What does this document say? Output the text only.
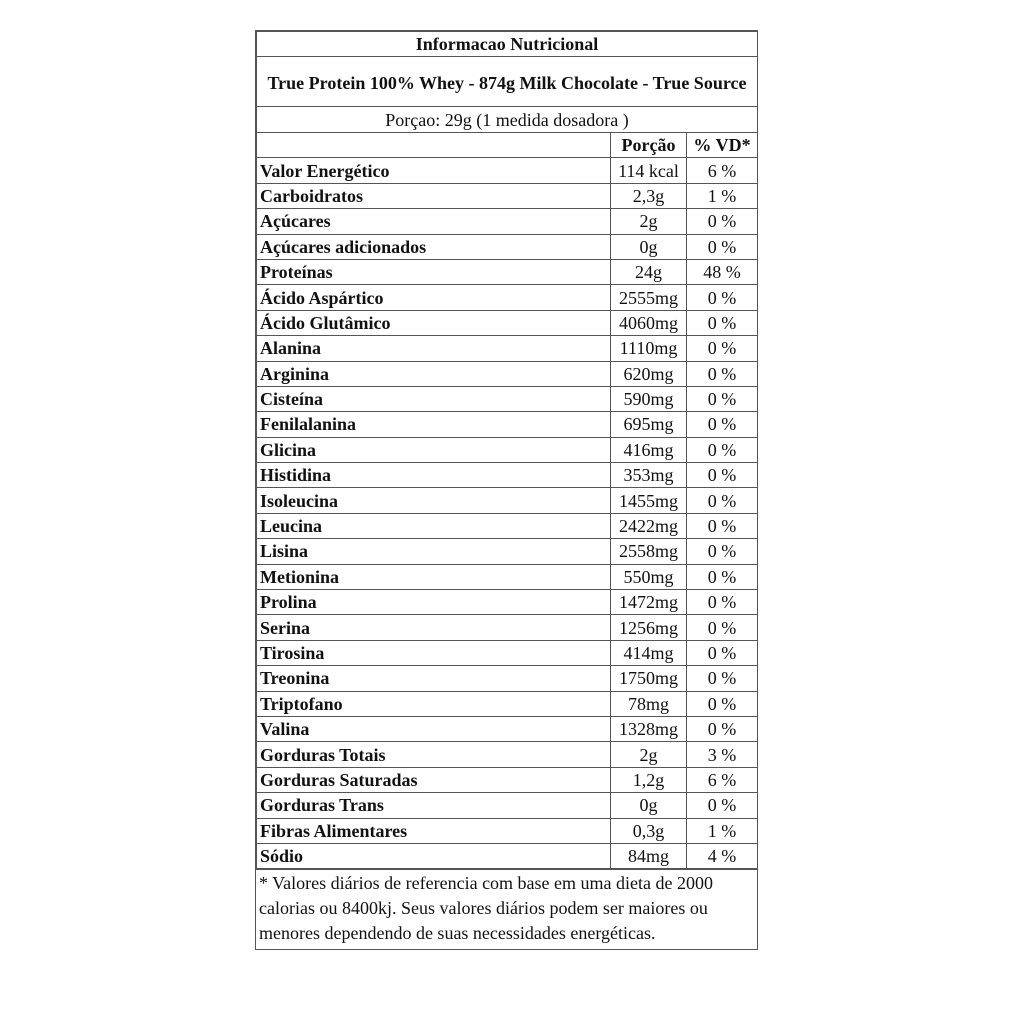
Informacao Nutricional		
True Protein 100% Whey - 874g Milk Chocolate - True Source		
Porçao: 29g (1 medida dosadora )		
	Porção	% VD*
Valor Energético	114 kcal	6 %
Carboidratos	2,3g	1 %
Açúcares	2g	0 %
Açúcares adicionados	0g	0 %
Proteínas	24g	48 %
Ácido Aspártico	2555mg	0 %
Ácido Glutâmico	4060mg	0 %
Alanina	1110mg	0 %
Arginina	620mg	0 %
Cisteína	590mg	0 %
Fenilalanina	695mg	0 %
Glicina	416mg	0 %
Histidina	353mg	0 %
Isoleucina	1455mg	0 %
Leucina	2422mg	0 %
Lisina	2558mg	0 %
Metionina	550mg	0 %
Prolina	1472mg	0 %
Serina	1256mg	0 %
Tirosina	414mg	0 %
Treonina	1750mg	0 %
Triptofano	78mg	0 %
Valina	1328mg	0 %
Gorduras Totais	2g	3 %
Gorduras Saturadas	1,2g	6 %
Gorduras Trans	0g	0 %
Fibras Alimentares	0,3g	1 %
Sódio	84mg	4 %
* Valores diários de referencia com base em uma dieta de 2000 calorias ou 8400kj. Seus valores diários podem ser maiores ou menores dependendo de suas necessidades energéticas.
